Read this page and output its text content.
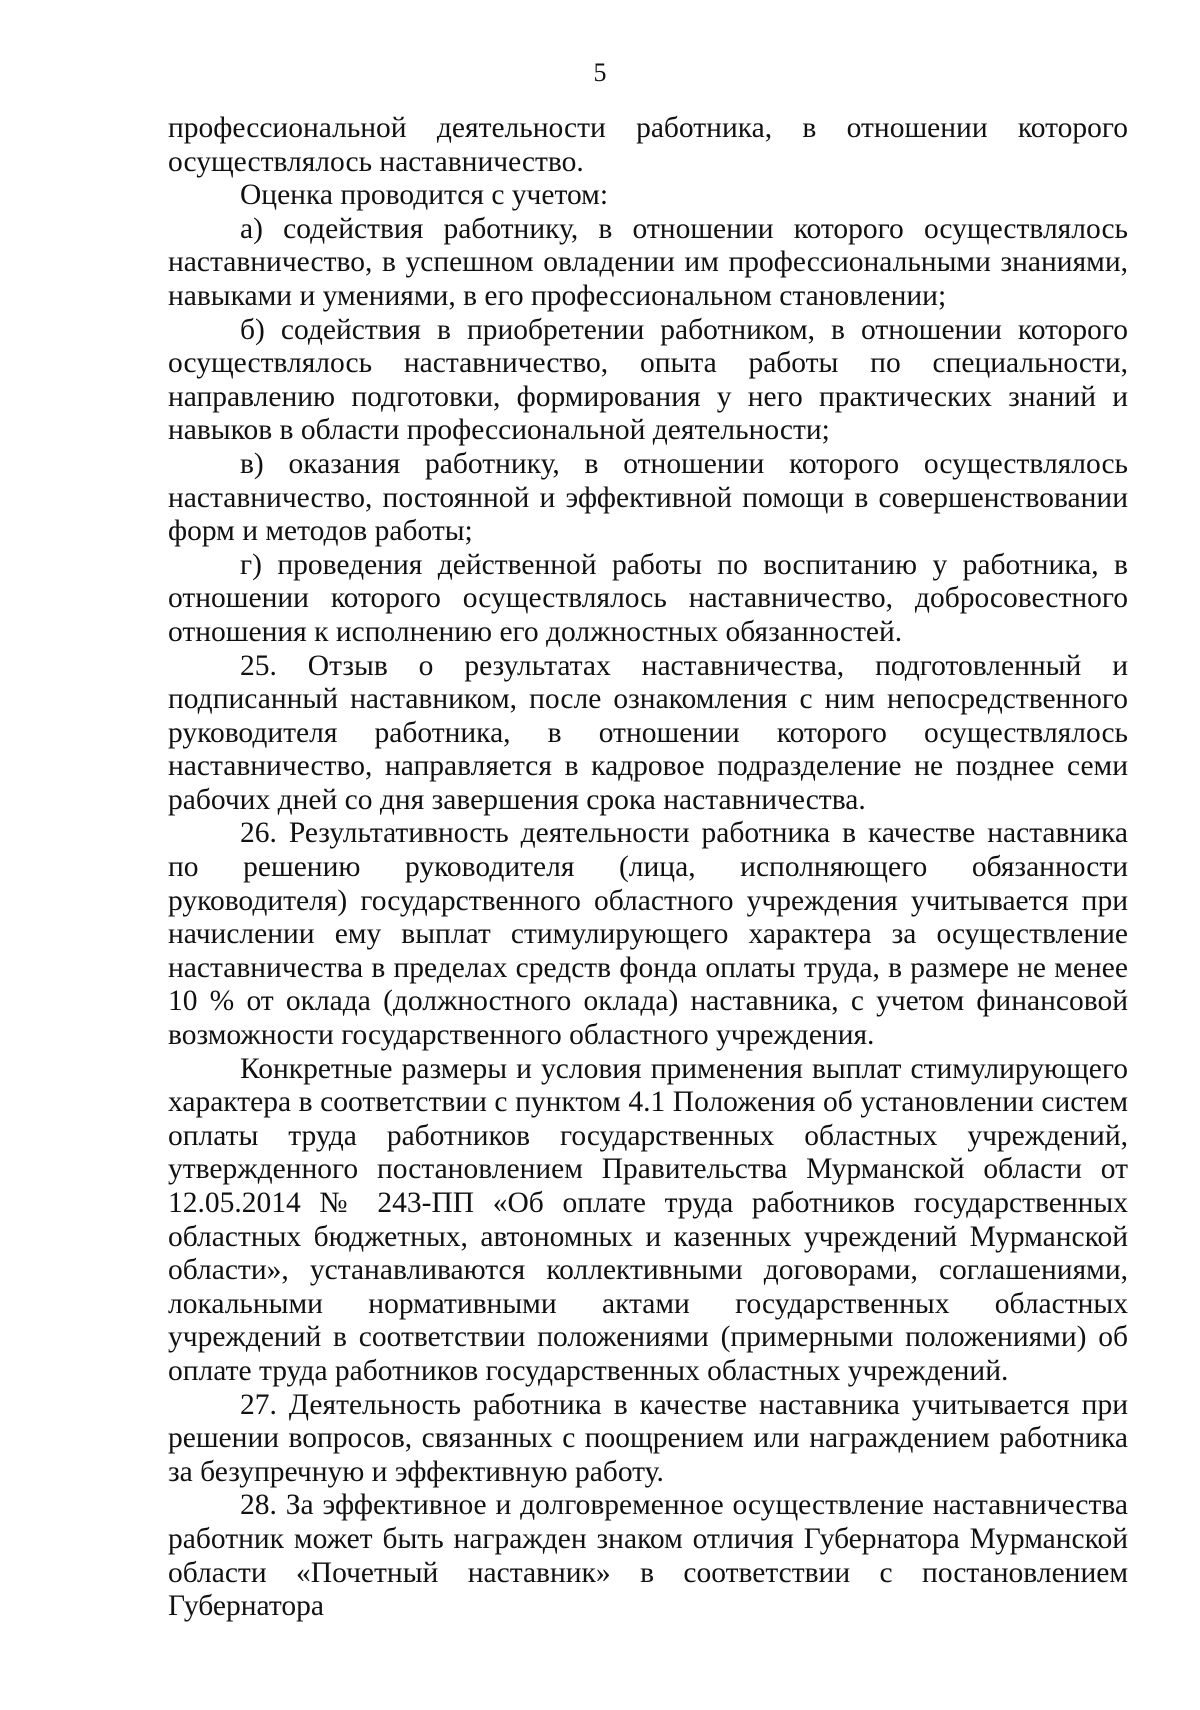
5

профессиональной деятельности работника, в отношении которого осуществлялось наставничество.

Оценка проводится с учетом:

а) содействия работнику, в отношении которого осуществлялось наставничество, в успешном овладении им профессиональными знаниями, навыками и умениями, в его профессиональном становлении;

б) содействия в приобретении работником, в отношении которого осуществлялось наставничество, опыта работы по специальности, направлению подготовки, формирования у него практических знаний и навыков в области профессиональной деятельности;

в) оказания работнику, в отношении которого осуществлялось наставничество, постоянной и эффективной помощи в совершенствовании форм и методов работы;

г) проведения действенной работы по воспитанию у работника, в отношении которого осуществлялось наставничество, добросовестного отношения к исполнению его должностных обязанностей.

25. Отзыв о результатах наставничества, подготовленный и подписанный наставником, после ознакомления с ним непосредственного руководителя работника, в отношении которого осуществлялось наставничество, направляется в кадровое подразделение не позднее семи рабочих дней со дня завершения срока наставничества.

26. Результативность деятельности работника в качестве наставника по решению руководителя (лица, исполняющего обязанности руководителя) государственного областного учреждения учитывается при начислении ему выплат стимулирующего характера за осуществление наставничества в пределах средств фонда оплаты труда, в размере не менее 10 % от оклада (должностного оклада) наставника, с учетом финансовой возможности государственного областного учреждения.

Конкретные размеры и условия применения выплат стимулирующего характера в соответствии с пунктом 4.1 Положения об установлении систем оплаты труда работников государственных областных учреждений, утвержденного постановлением Правительства Мурманской области от 12.05.2014 № 243-ПП «Об оплате труда работников государственных областных бюджетных, автономных и казенных учреждений Мурманской области», устанавливаются коллективными договорами, соглашениями, локальными нормативными актами государственных областных учреждений в соответствии положениями (примерными положениями) об оплате труда работников государственных областных учреждений.

27. Деятельность работника в качестве наставника учитывается при решении вопросов, связанных с поощрением или награждением работника за безупречную и эффективную работу.

28. За эффективное и долговременное осуществление наставничества работник может быть награжден знаком отличия Губернатора Мурманской области «Почетный наставник» в соответствии с постановлением Губернатора
